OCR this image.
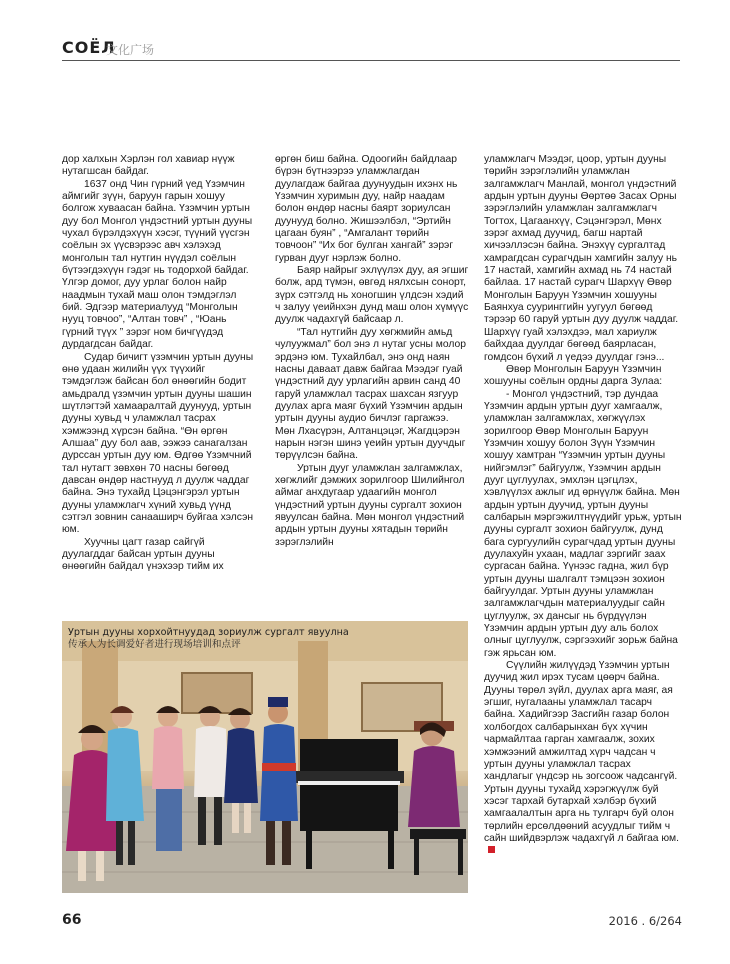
СОЁЛ
文化广场

дор халхын Хэрлэн гол хавиар нүүж нутагшсан байдаг.

1637 онд Чин гүрний үед Үзэмчин аймгийг зүүн, баруун гарын хошуу болгож хуваасан байна. Үзэмчин уртын дуу бол Монгол үндэстний уртын дууны чухал бүрэлдэхүүн хэсэг, түүний үүсгэн соёлын эх үүсвэрээс авч хэлэхэд монголын тал нутгин нүүдэл соёлын бүтээгдэхүүн гэдэг нь тодорхой байдаг. Үлгэр домог, дуу урлаг болон найр наадмын тухай маш олон тэмдэглэл бий. Эдгээр материалууд “Монголын нууц товчоо”, “Алтан товч” , “Юань гүрний түүх ” зэрэг ном бичгүүдэд дурдагдсан байдаг.

Судар бичигт үзэмчин уртын дууны өнө удаан жилийн үүх түүхийг тэмдэглэж байсан бол өнөөгийн бодит амьдралд үзэмчин уртын дууны шашин шүтлэгтэй хамааралтай дуунууд, уртын дууны хувьд ч уламжлал тасрах хэмжээнд хүрсэн байна. “Өн өргөн Алшаа” дуу бол аав, ээжээ санагалзан дурссан уртын дуу юм. Өдгөө Үзэмчний тал нутагт зөвхөн 70 насны бөгөөд давсан өндөр настнууд л дуулж чаддаг байна. Энэ тухайд Цэцэнгэрэл уртын дууны уламжлагч хүний хувьд үүнд сэтгэл зовнин санааширч буйгаа хэлсэн юм.

Хуучны цагт газар сайгүй дуулагддаг байсан уртын дууны өнөөгийн байдал үнэхээр тийм их

өргөн биш байна. Одоогийн байдлаар бүрэн бүтнээрээ уламжлагдан дуулагдаж байгаа дуунуудын ихэнх нь Үзэмчин хуримын дуу, найр наадам болон өндөр насны баярт зориулсан дуунууд болно. Жишээлбэл, “Эртийн цагаан буян” , “Амгалант төрийн товчоон” “Их бог булган хангай” зэрэг гурван дууг нэрлэж болно.

Баяр найрыг эхлүүлэх дуу, ая эгшиг болж, ард түмэн, өвгөд нялхсын сонорт, зүрх сэтгэлд нь хоногшин үлдсэн хэдий ч залуу үеийнхэн дунд маш олон хүмүүс дуулж чадахгүй байсаар л.

“Тал нутгийн дуу хөгжмийн амьд чулуужмал” бол энэ л нутаг усны молор эрдэнэ юм. Тухайлбал, энэ онд наян насны даваат давж байгаа Мээдэг гуай үндэстний дуу урлагийн арвин санд 40 гаруй уламжлал тасрах шахсан язгуур дуулах арга маяг бүхий Үзэмчин ардын уртын дууны аудио бичлэг гаргажээ. Мөн Лхасүрэн, Алтанцэцэг, Жагдцэрэн нарын нэгэн шинэ үеийн уртын дуучдыг төрүүлсэн байна.

Уртын дууг уламжлан залгамжлах, хөгжлийг дэмжих зорилгоор Шилийнгол аймаг анхдугаар удаагийн монгол үндэстний уртын дууны сургалт зохион явуулсан байна. Мөн монгол үндэстний ардын уртын дууны хятадын төрийн зэрэглэлийн

уламжлагч Мээдэг, цоор, уртын дууны төрийн зэрэглэлийн уламжлан залгамжлагч Манлай, монгол үндэстний ардын уртын дууны Өөртөө Засах Орны зэрэглэлийн уламжлан залгамжлагч Тогтох, Цагаанхүү, Сэцэнгэрэл, Мөнх зэрэг ахмад дуучид, багш нартай хичээллэсэн байна. Энэхүү сургалтад хамрагдсан сурагчдын хамгийн залуу нь 17 настай, хамгийн ахмад нь 74 настай байлаа. 17 настай сурагч Шархүү Өвөр Монголын Баруун Үзэмчин хошууны Баянхуа сууринггийн уугуул бөгөөд тэрээр 60 гаруй уртын дуу дуулж чаддаг. Шархүү гуай хэлэхдээ, мал хариулж байхдаа дуулдаг бөгөөд баярласан, гомдсон бүхий л үедээ дуулдаг гэнэ...

Өвөр Монголын Баруун Үзэмчин хошууны соёлын ордны дарга Зулаа:

- Монгол үндэстний, тэр дундаа Үзэмчин ардын уртын дууг хамгаалж, уламжлан залгамжлах, хөгжүүлэх зорилгоор Өвөр Монголын Баруун Үзэмчин хошуу болон Зүүн Үзэмчин хошуу хамтран “Үзэмчин уртын дууны нийгэмлэг” байгуулж, Үзэмчин ардын дууг цуглуулах, эмхлэн цэгцлэх, хэвлүүлэх ажлыг ид өрнүүлж байна. Мөн ардын уртын дуучид, уртын дууны салбарын мэргэжилтнүүдийг урьж, уртын дууны сургалт зохион байгуулж, дунд бага сургуулийн сурагчдад уртын дууны дуулахуйн ухаан, мадлаг зэргийг заах сургасан байна. Үүнээс гадна, жил бүр уртын дууны шалгалт тэмцээн зохион байгуулдаг. Уртын дууны уламжлан залгамжлагчдын материалуудыг сайн цуглуулж, эх дансыг нь бүрдүүлэн Үзэмчин ардын уртын дуу аль болох олныг цуглуулж, сэргээхийг зорьж байна гэж ярьсан юм.

Сүүлийн жилүүдэд Үзэмчин уртын дуучид жил ирэх тусам цөөрч байна. Дууны төрөл зүйл, дуулах арга маяг, ая эгшиг, нугалааны уламжлал тасарч байна. Хадийгээр Засгийн газар болон холбогдох салбарынхан бүх хүчин чармайлтаа гарган хамгаалж, зохих хэмжээний амжилтад хүрч чадсан ч уртын дууны уламжлал тасрах хандлагыг үндсэр нь зогсоож чадсангүй. Уртын дууны тухайд хэрэгжүүлж буй хэсэг тархай бутархай хэлбэр бүхий хамгаалалтын арга нь тулгарч буй олон төрлийн ерсөлдөөний асуудлыг тийм ч сайн шийдвэрлэж чадахгүй л байгаа юм.

Уртын дууны хорхойтнуудад зориулж сургалт явуулна
传承人为长调爱好者进行现场培训和点评
66	2016 . 6/264
